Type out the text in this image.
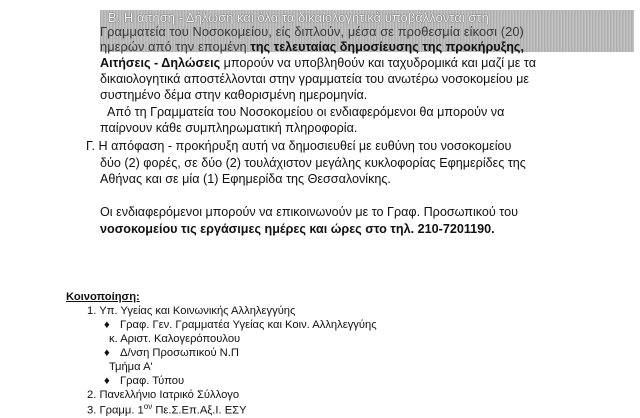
Β. Η αίτηση - Δήλωση και όλα τα δικαιολογητικά υποβάλλονται στη
Γραμματεία του Νοσοκομείου, είς διπλούν, μέσα σε προθεσμία είκοσι (20)
ημερών από την επομένη της τελευταίας δημοσίευσης της προκήρυξης,
Αιτήσεις - Δηλώσεις μπορούν να υποβληθούν και ταχυδρομικά και μαζί με τα
δικαιολογητικά αποστέλλονται στην γραμματεία του ανωτέρω νοσοκομείου με
συστημένο δέμα στην καθορισμένη ημερομηνία.
Από τη Γραμματεία του Νοσοκομείου οι ενδιαφερόμενοι θα μπορούν να
παίρνουν κάθε συμπληρωματική πληροφορία.
Γ. Η απόφαση - προκήρυξη αυτή να δημοσιευθεί με ευθύνη του νοσοκομείου
δύο (2) φορές, σε δύο (2) τουλάχιστον μεγάλης κυκλοφορίας Εφημερίδες της
Αθήνας και σε μία (1) Εφημερίδα της Θεσσαλονίκης.
Οι ενδιαφερόμενοι μπορούν να επικοινωνούν με το Γραφ. Προσωπικού του
νοσοκομείου τις εργάσιμες ημέρες και ώρες στο τηλ. 210-7201190.
Κοινοποίηση:
1. Υπ. Υγείας και Κοινωνικής Αλληλεγγύης
♦ Γραφ. Γεν. Γραμματέα Υγείας και Κοιν. Αλληλεγγύης
κ. Αριστ. Καλογερόπουλου
♦ Δ/νση Προσωπικού Ν.Π
Τμήμα Α'
♦ Γραφ. Τύπου
2. Πανελλήνιο Ιατρικό Σύλλογο
3. Γραμμ. $1^{o\nu}$ Πε.Σ.Επ.Αξ.Ι. ΕΣΥ
